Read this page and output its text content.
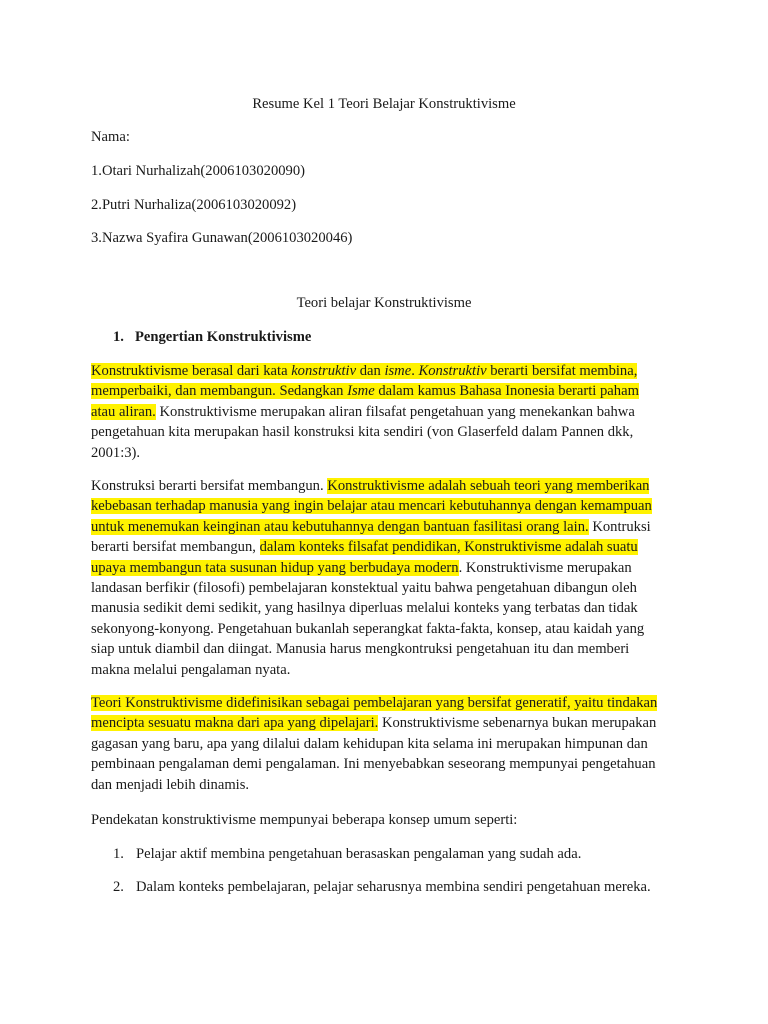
Resume Kel 1 Teori Belajar Konstruktivisme

Nama:

1.Otari Nurhalizah(2006103020090)

2.Putri Nurhaliza(2006103020092)

3.Nazwa Syafira Gunawan(2006103020046)

Teori belajar Konstruktivisme

1. Pengertian Konstruktivisme
Konstruktivisme berasal dari kata konstruktiv dan isme. Konstruktiv berarti bersifat membina,
memperbaiki, dan membangun. Sedangkan Isme dalam kamus Bahasa Inonesia berarti paham
atau aliran. Konstruktivisme merupakan aliran filsafat pengetahuan yang menekankan bahwa
pengetahuan kita merupakan hasil konstruksi kita sendiri (von Glaserfeld dalam Pannen dkk,
2001:3).
Konstruksi berarti bersifat membangun. Konstruktivisme adalah sebuah teori yang memberikan
kebebasan terhadap manusia yang ingin belajar atau mencari kebutuhannya dengan kemampuan
untuk menemukan keinginan atau kebutuhannya dengan bantuan fasilitasi orang lain. Kontruksi
berarti bersifat membangun, dalam konteks filsafat pendidikan, Konstruktivisme adalah suatu
upaya membangun tata susunan hidup yang berbudaya modern. Konstruktivisme merupakan
landasan berfikir (filosofi) pembelajaran konstektual yaitu bahwa pengetahuan dibangun oleh
manusia sedikit demi sedikit, yang hasilnya diperluas melalui konteks yang terbatas dan tidak
sekonyong-konyong. Pengetahuan bukanlah seperangkat fakta-fakta, konsep, atau kaidah yang
siap untuk diambil dan diingat. Manusia harus mengkontruksi pengetahuan itu dan memberi
makna melalui pengalaman nyata.
Teori Konstruktivisme didefinisikan sebagai pembelajaran yang bersifat generatif, yaitu tindakan
mencipta sesuatu makna dari apa yang dipelajari. Konstruktivisme sebenarnya bukan merupakan
gagasan yang baru, apa yang dilalui dalam kehidupan kita selama ini merupakan himpunan dan
pembinaan pengalaman demi pengalaman. Ini menyebabkan seseorang mempunyai pengetahuan
dan menjadi lebih dinamis.

Pendekatan konstruktivisme mempunyai beberapa konsep umum seperti:

1. Pelajar aktif membina pengetahuan berasaskan pengalaman yang sudah ada.
2. Dalam konteks pembelajaran, pelajar seharusnya membina sendiri pengetahuan mereka.
